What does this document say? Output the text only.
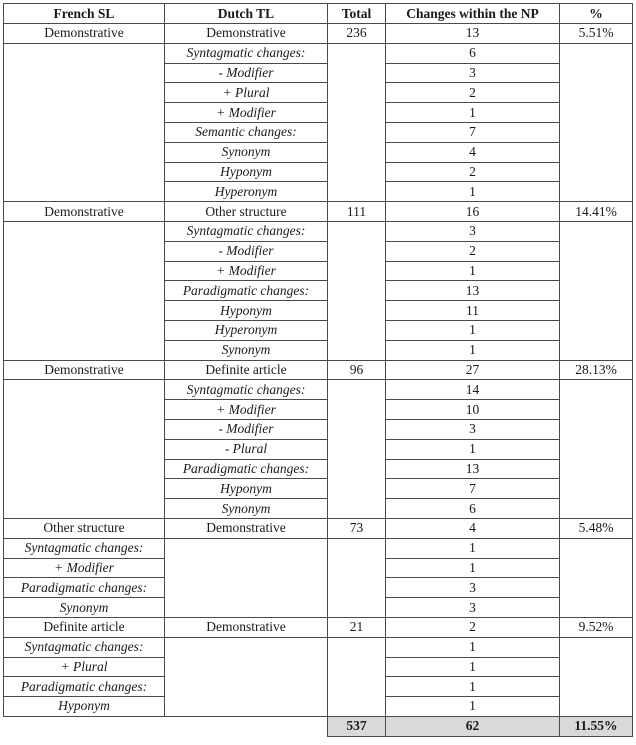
French SL	Dutch TL	Total	Changes within the NP	%
Demonstrative	Demonstrative	236	13	5.51%
	Syntagmatic changes:		6	
	- Modifier		3	
	+ Plural		2	
	+ Modifier		1	
	Semantic changes:		7	
	Synonym		4	
	Hyponym		2	
	Hyperonym		1	
Demonstrative	Other structure	111	16	14.41%
	Syntagmatic changes:		3	
	- Modifier		2	
	+ Modifier		1	
	Paradigmatic changes:		13	
	Hyponym		11	
	Hyperonym		1	
	Synonym		1	
Demonstrative	Definite article	96	27	28.13%
	Syntagmatic changes:		14	
	+ Modifier		10	
	- Modifier		3	
	- Plural		1	
	Paradigmatic changes:		13	
	Hyponym		7	
	Synonym		6	
Other structure	Demonstrative	73	4	5.48%
Syntagmatic changes:			1	
+ Modifier			1	
Paradigmatic changes:			3	
Synonym			3	
Definite article	Demonstrative	21	2	9.52%
Syntagmatic changes:			1	
+ Plural			1	
Paradigmatic changes:			1	
Hyponym			1	
		537	62	11.55%
